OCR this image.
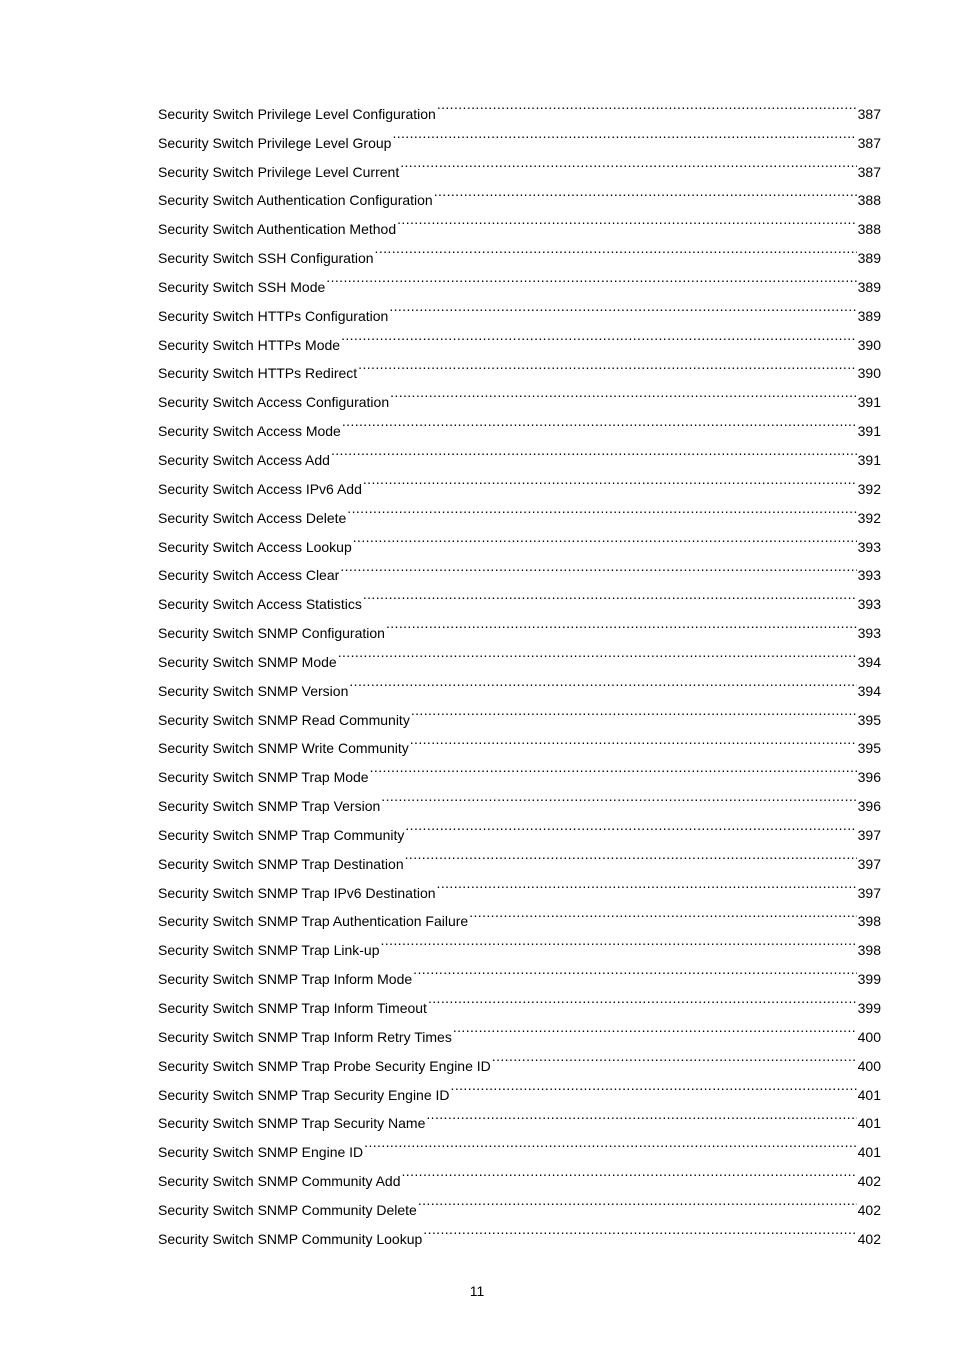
Security Switch Privilege Level Configuration .....	387
Security Switch Privilege Level Group .....	387
Security Switch Privilege Level Current .....	387
Security Switch Authentication Configuration .....	388
Security Switch Authentication Method .....	388
Security Switch SSH Configuration .....	389
Security Switch SSH Mode .....	389
Security Switch HTTPs Configuration .....	389
Security Switch HTTPs Mode .....	390
Security Switch HTTPs Redirect .....	390
Security Switch Access Configuration .....	391
Security Switch Access Mode .....	391
Security Switch Access Add .....	391
Security Switch Access IPv6 Add .....	392
Security Switch Access Delete .....	392
Security Switch Access Lookup .....	393
Security Switch Access Clear .....	393
Security Switch Access Statistics .....	393
Security Switch SNMP Configuration .....	393
Security Switch SNMP Mode .....	394
Security Switch SNMP Version .....	394
Security Switch SNMP Read Community .....	395
Security Switch SNMP Write Community .....	395
Security Switch SNMP Trap Mode .....	396
Security Switch SNMP Trap Version .....	396
Security Switch SNMP Trap Community .....	397
Security Switch SNMP Trap Destination .....	397
Security Switch SNMP Trap IPv6 Destination .....	397
Security Switch SNMP Trap Authentication Failure .....	398
Security Switch SNMP Trap Link-up .....	398
Security Switch SNMP Trap Inform Mode .....	399
Security Switch SNMP Trap Inform Timeout .....	399
Security Switch SNMP Trap Inform Retry Times .....	400
Security Switch SNMP Trap Probe Security Engine ID .....	400
Security Switch SNMP Trap Security Engine ID .....	401
Security Switch SNMP Trap Security Name .....	401
Security Switch SNMP Engine ID .....	401
Security Switch SNMP Community Add .....	402
Security Switch SNMP Community Delete .....	402
Security Switch SNMP Community Lookup .....	402
11
